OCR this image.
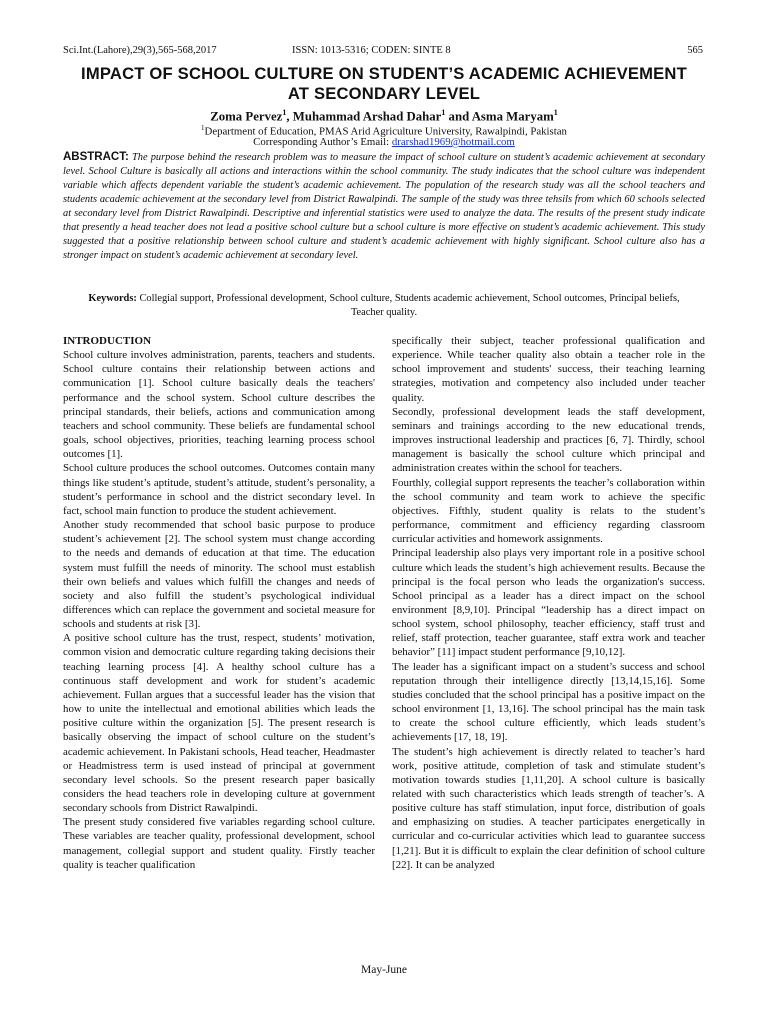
Sci.Int.(Lahore),29(3),565-568,2017	ISSN: 1013-5316; CODEN: SINTE 8	565
IMPACT OF SCHOOL CULTURE ON STUDENT’S ACADEMIC ACHIEVEMENT
AT SECONDARY LEVEL
Zoma Pervez$^1$, Muhammad Arshad Dahar$^1$ and Asma Maryam$^1$
$^1$Department of Education, PMAS Arid Agriculture University, Rawalpindi, Pakistan
Corresponding Author’s Email: drarshad1969@hotmail.com
ABSTRACT: The purpose behind the research problem was to measure the impact of school culture on student’s academic achievement at secondary level. School Culture is basically all actions and interactions within the school community. The study indicates that the school culture was independent variable which affects dependent variable the student’s academic achievement. The population of the research study was all the school teachers and students academic achievement at the secondary level from District Rawalpindi. The sample of the study was three tehsils from which 60 schools selected at secondary level from District Rawalpindi. Descriptive and inferential statistics were used to analyze the data. The results of the present study indicate that presently a head teacher does not lead a positive school culture but a school culture is more effective on student’s academic achievement. This study suggested that a positive relationship between school culture and student’s academic achievement with highly significant. School culture also has a stronger impact on student’s academic achievement at secondary level.
Keywords: Collegial support, Professional development, School culture, Students academic achievement, School outcomes, Principal beliefs, Teacher quality.
INTRODUCTION

School culture involves administration, parents, teachers and students. School culture contains their relationship between actions and communication [1]. School culture basically deals the teachers' performance and the school system. School culture describes the principal standards, their beliefs, actions and communication among teachers and school community. These beliefs are fundamental school goals, school objectives, priorities, teaching learning process school outcomes [1].

School culture produces the school outcomes. Outcomes contain many things like student’s aptitude, student’s attitude, student’s personality, a student’s performance in school and the district secondary level. In fact, school main function to produce the student achievement.

Another study recommended that school basic purpose to produce student’s achievement [2]. The school system must change according to the needs and demands of education at that time. The education system must fulfill the needs of minority. The school must establish their own beliefs and values which fulfill the changes and needs of society and also fulfill the student’s psychological individual differences which can replace the government and societal measure for schools and students at risk [3].

A positive school culture has the trust, respect, students’ motivation, common vision and democratic culture regarding taking decisions their teaching learning process [4]. A healthy school culture has a continuous staff development and work for student’s academic achievement. Fullan argues that a successful leader has the vision that how to unite the intellectual and emotional abilities which leads the positive culture within the organization [5]. The present research is basically observing the impact of school culture on the student’s academic achievement. In Pakistani schools, Head teacher, Headmaster or Headmistress term is used instead of principal at government secondary level schools. So the present research paper basically considers the head teachers role in developing culture at government secondary schools from District Rawalpindi.

The present study considered five variables regarding school culture. These variables are teacher quality, professional development, school management, collegial support and student quality. Firstly teacher quality is teacher qualification

specifically their subject, teacher professional qualification and experience. While teacher quality also obtain a teacher role in the school improvement and students' success, their teaching learning strategies, motivation and competency also included under teacher quality.

Secondly, professional development leads the staff development, seminars and trainings according to the new educational trends, improves instructional leadership and practices [6, 7]. Thirdly, school management is basically the school culture which principal and administration creates within the school for teachers.

Fourthly, collegial support represents the teacher’s collaboration within the school community and team work to achieve the specific objectives. Fifthly, student quality is relats to the student’s performance, commitment and efficiency regarding classroom curricular activities and homework assignments.

Principal leadership also plays very important role in a positive school culture which leads the student’s high achievement results. Because the principal is the focal person who leads the organization's success. School principal as a leader has a direct impact on the school environment [8,9,10]. Principal “leadership has a direct impact on school system, school philosophy, teacher efficiency, staff trust and relief, staff protection, teacher guarantee, staff extra work and teacher behavior” [11] impact student performance [9,10,12].

The leader has a significant impact on a student’s success and school reputation through their intelligence directly [13,14,15,16]. Some studies concluded that the school principal has a positive impact on the school environment [1, 13,16]. The school principal has the main task to create the school culture efficiently, which leads student’s achievements [17, 18, 19].

The student’s high achievement is directly related to teacher’s hard work, positive attitude, completion of task and stimulate student’s motivation towards studies [1,11,20]. A school culture is basically related with such characteristics which leads strength of teacher’s. A positive culture has staff stimulation, input force, distribution of goals and emphasizing on studies. A teacher participates energetically in curricular and co-curricular activities which lead to guarantee success [1,21]. But it is difficult to explain the clear definition of school culture [22]. It can be analyzed

May-June
